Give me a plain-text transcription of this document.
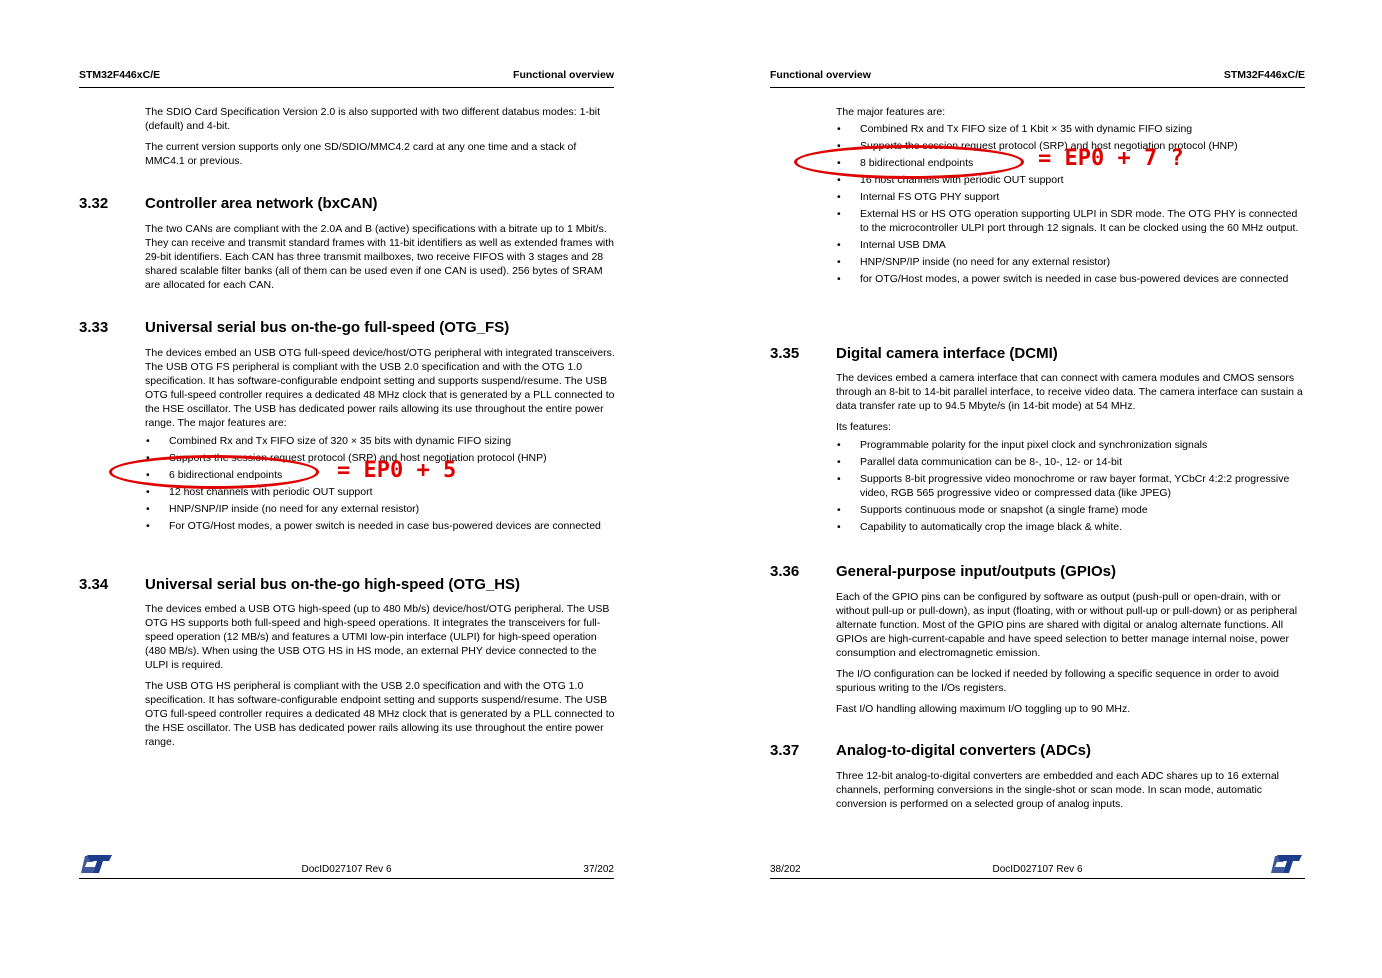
STM32F446xC/E	Functional overview

The SDIO Card Specification Version 2.0 is also supported with two different databus modes: 1-bit (default) and 4-bit.

The current version supports only one SD/SDIO/MMC4.2 card at any one time and a stack of MMC4.1 or previous.

3.32 Controller area network (bxCAN)

The two CANs are compliant with the 2.0A and B (active) specifications with a bitrate up to 1 Mbit/s. They can receive and transmit standard frames with 11-bit identifiers as well as extended frames with 29-bit identifiers. Each CAN has three transmit mailboxes, two receive FIFOS with 3 stages and 28 shared scalable filter banks (all of them can be used even if one CAN is used). 256 bytes of SRAM are allocated for each CAN.

3.33 Universal serial bus on-the-go full-speed (OTG_FS)

The devices embed an USB OTG full-speed device/host/OTG peripheral with integrated transceivers. The USB OTG FS peripheral is compliant with the USB 2.0 specification and with the OTG 1.0 specification. It has software-configurable endpoint setting and supports suspend/resume. The USB OTG full-speed controller requires a dedicated 48 MHz clock that is generated by a PLL connected to the HSE oscillator. The USB has dedicated power rails allowing its use throughout the entire power range. The major features are:

• Combined Rx and Tx FIFO size of 320 × 35 bits with dynamic FIFO sizing
• Supports the session request protocol (SRP) and host negotiation protocol (HNP)
• 6 bidirectional endpoints
• 12 host channels with periodic OUT support
• HNP/SNP/IP inside (no need for any external resistor)
• For OTG/Host modes, a power switch is needed in case bus-powered devices are connected
3.34 Universal serial bus on-the-go high-speed (OTG_HS)

The devices embed a USB OTG high-speed (up to 480 Mb/s) device/host/OTG peripheral. The USB OTG HS supports both full-speed and high-speed operations. It integrates the transceivers for full-speed operation (12 MB/s) and features a UTMI low-pin interface (ULPI) for high-speed operation (480 MB/s). When using the USB OTG HS in HS mode, an external PHY device connected to the ULPI is required.

The USB OTG HS peripheral is compliant with the USB 2.0 specification and with the OTG 1.0 specification. It has software-configurable endpoint setting and supports suspend/resume. The USB OTG full-speed controller requires a dedicated 48 MHz clock that is generated by a PLL connected to the HSE oscillator. The USB has dedicated power rails allowing its use throughout the entire power range.

DocID027107 Rev 6	37/202
= EP0 + 5
Functional overview	STM32F446xC/E

The major features are:

• Combined Rx and Tx FIFO size of 1 Kbit × 35 with dynamic FIFO sizing
• Supports the session request protocol (SRP) and host negotiation protocol (HNP)
• 8 bidirectional endpoints
• 16 host channels with periodic OUT support
• Internal FS OTG PHY support
• External HS or HS OTG operation supporting ULPI in SDR mode. The OTG PHY is connected to the microcontroller ULPI port through 12 signals. It can be clocked using the 60 MHz output.
• Internal USB DMA
• HNP/SNP/IP inside (no need for any external resistor)
• for OTG/Host modes, a power switch is needed in case bus-powered devices are connected
3.35 Digital camera interface (DCMI)

The devices embed a camera interface that can connect with camera modules and CMOS sensors through an 8-bit to 14-bit parallel interface, to receive video data. The camera interface can sustain a data transfer rate up to 94.5 Mbyte/s (in 14-bit mode) at 54 MHz.

Its features:

• Programmable polarity for the input pixel clock and synchronization signals
• Parallel data communication can be 8-, 10-, 12- or 14-bit
• Supports 8-bit progressive video monochrome or raw bayer format, YCbCr 4:2:2 progressive video, RGB 565 progressive video or compressed data (like JPEG)
• Supports continuous mode or snapshot (a single frame) mode
• Capability to automatically crop the image black & white.
3.36 General-purpose input/outputs (GPIOs)

Each of the GPIO pins can be configured by software as output (push-pull or open-drain, with or without pull-up or pull-down), as input (floating, with or without pull-up or pull-down) or as peripheral alternate function. Most of the GPIO pins are shared with digital or analog alternate functions. All GPIOs are high-current-capable and have speed selection to better manage internal noise, power consumption and electromagnetic emission.

The I/O configuration can be locked if needed by following a specific sequence in order to avoid spurious writing to the I/Os registers.

Fast I/O handling allowing maximum I/O toggling up to 90 MHz.

3.37 Analog-to-digital converters (ADCs)

Three 12-bit analog-to-digital converters are embedded and each ADC shares up to 16 external channels, performing conversions in the single-shot or scan mode. In scan mode, automatic conversion is performed on a selected group of analog inputs.

38/202	DocID027107 Rev 6
= EP0 + 7 ?
